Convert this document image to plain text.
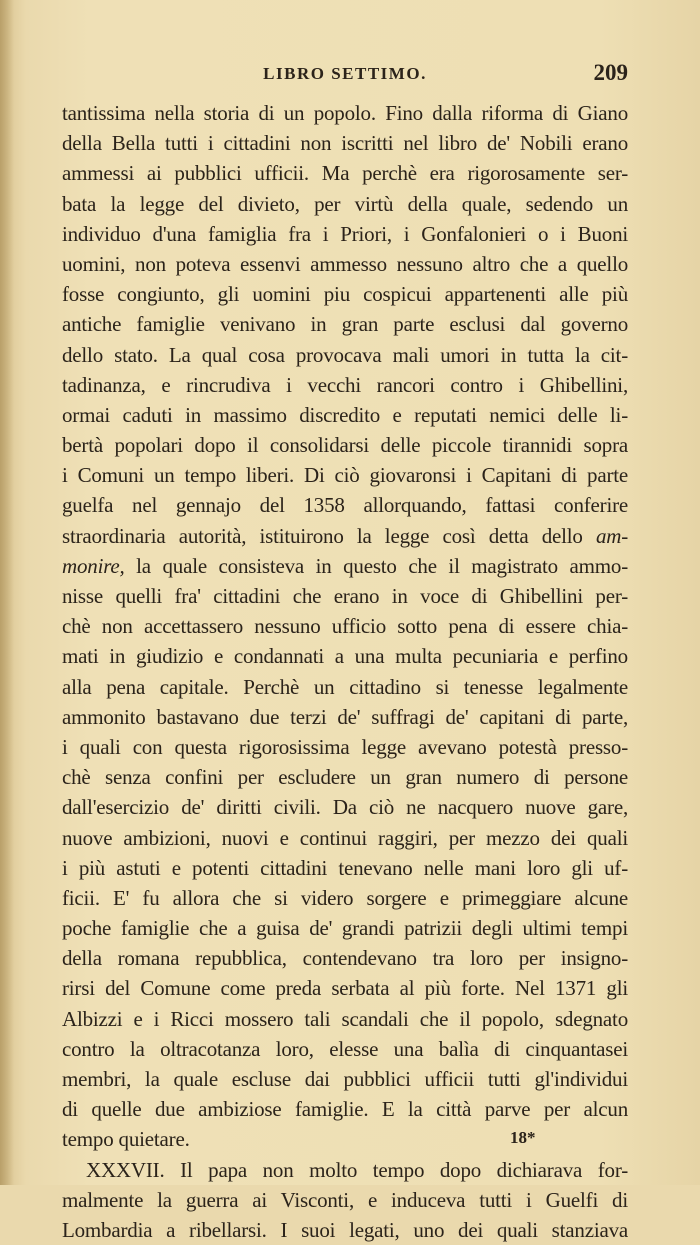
LIBRO SETTIMO.	209
tantissima nella storia di un popolo. Fino dalla riforma di Giano
della Bella tutti i cittadini non iscritti nel libro de' Nobili erano
ammessi ai pubblici ufficii. Ma perchè era rigorosamente ser-
bata la legge del divieto, per virtù della quale, sedendo un
individuo d'una famiglia fra i Priori, i Gonfalonieri o i Buoni
uomini, non poteva essenvi ammesso nessuno altro che a quello
fosse congiunto, gli uomini piu cospicui appartenenti alle più
antiche famiglie venivano in gran parte esclusi dal governo
dello stato. La qual cosa provocava mali umori in tutta la cit-
tadinanza, e rincrudiva i vecchi rancori contro i Ghibellini,
ormai caduti in massimo discredito e reputati nemici delle li-
bertà popolari dopo il consolidarsi delle piccole tirannidi sopra
i Comuni un tempo liberi. Di ciò giovaronsi i Capitani di parte
guelfa nel gennajo del 1358 allorquando, fattasi conferire
straordinaria autorità, istituirono la legge così detta dello am-
monire, la quale consisteva in questo che il magistrato ammo-
nisse quelli fra' cittadini che erano in voce di Ghibellini per-
chè non accettassero nessuno ufficio sotto pena di essere chia-
mati in giudizio e condannati a una multa pecuniaria e perfino
alla pena capitale. Perchè un cittadino si tenesse legalmente
ammonito bastavano due terzi de' suffragi de' capitani di parte,
i quali con questa rigorosissima legge avevano potestà presso-
chè senza confini per escludere un gran numero di persone
dall'esercizio de' diritti civili. Da ciò ne nacquero nuove gare,
nuove ambizioni, nuovi e continui raggiri, per mezzo dei quali
i più astuti e potenti cittadini tenevano nelle mani loro gli uf-
ficii. E' fu allora che si videro sorgere e primeggiare alcune
poche famiglie che a guisa de' grandi patrizii degli ultimi tempi
della romana repubblica, contendevano tra loro per insigno-
rirsi del Comune come preda serbata al più forte. Nel 1371 gli
Albizzi e i Ricci mossero tali scandali che il popolo, sdegnato
contro la oltracotanza loro, elesse una balìa di cinquantasei
membri, la quale escluse dai pubblici ufficii tutti gl'individui
di quelle due ambiziose famiglie. E la città parve per alcun
tempo quietare.
XXXVII. Il papa non molto tempo dopo dichiarava for-
malmente la guerra ai Visconti, e induceva tutti i Guelfi di
Lombardia a ribellarsi. I suoi legati, uno dei quali stanziava
18*
